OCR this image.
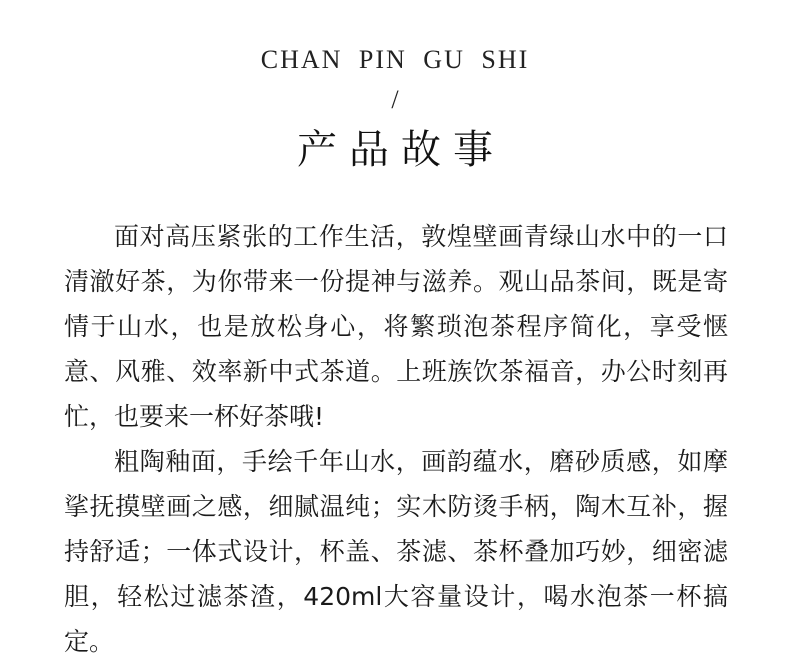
CHAN PIN GU SHI
/
产品故事

面对高压紧张的工作生活，敦煌壁画青绿山水中的一口清澈好茶，为你带来一份提神与滋养。观山品茶间，既是寄情于山水，也是放松身心，将繁琐泡茶程序简化，享受惬意、风雅、效率新中式茶道。上班族饮茶福音，办公时刻再忙，也要来一杯好茶哦!

粗陶釉面，手绘千年山水，画韵蕴水，磨砂质感，如摩挲抚摸壁画之感，细腻温纯；实木防烫手柄，陶木互补，握持舒适；一体式设计，杯盖、茶滤、茶杯叠加巧妙，细密滤胆，轻松过滤茶渣，420ml大容量设计，喝水泡茶一杯搞定。
